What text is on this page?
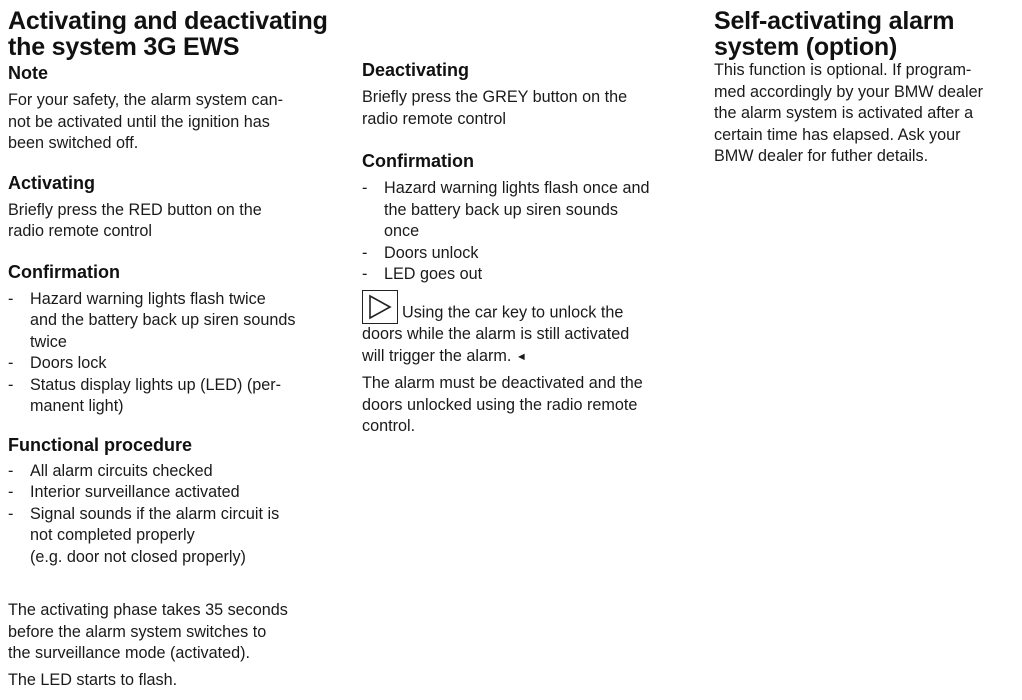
Activating and deactivating
the system 3G EWS
Note
For your safety, the alarm system can-
not be activated until the ignition has
been switched off.
Activating
Briefly press the RED button on the
radio remote control
Confirmation
- Hazard warning lights flash twice
and the battery back up siren sounds
twice
- Doors lock
- Status display lights up (LED) (per-
manent light)
Functional procedure
- All alarm circuits checked
- Interior surveillance activated
- Signal sounds if the alarm circuit is
not completed properly
(e.g. door not closed properly)
The activating phase takes 35 seconds
before the alarm system switches to
the surveillance mode (activated).
The LED starts to flash.
Deactivating
Briefly press the GREY button on the
radio remote control
Confirmation
- Hazard warning lights flash once and
the battery back up siren sounds
once
- Doors unlock
- LED goes out
Using the car key to unlock the
doors while the alarm is still activated
will trigger the alarm. ◄
The alarm must be deactivated and the
doors unlocked using the radio remote
control.
Self-activating alarm
system (option)
This function is optional. If program-
med accordingly by your BMW dealer
the alarm system is activated after a
certain time has elapsed. Ask your
BMW dealer for futher details.
